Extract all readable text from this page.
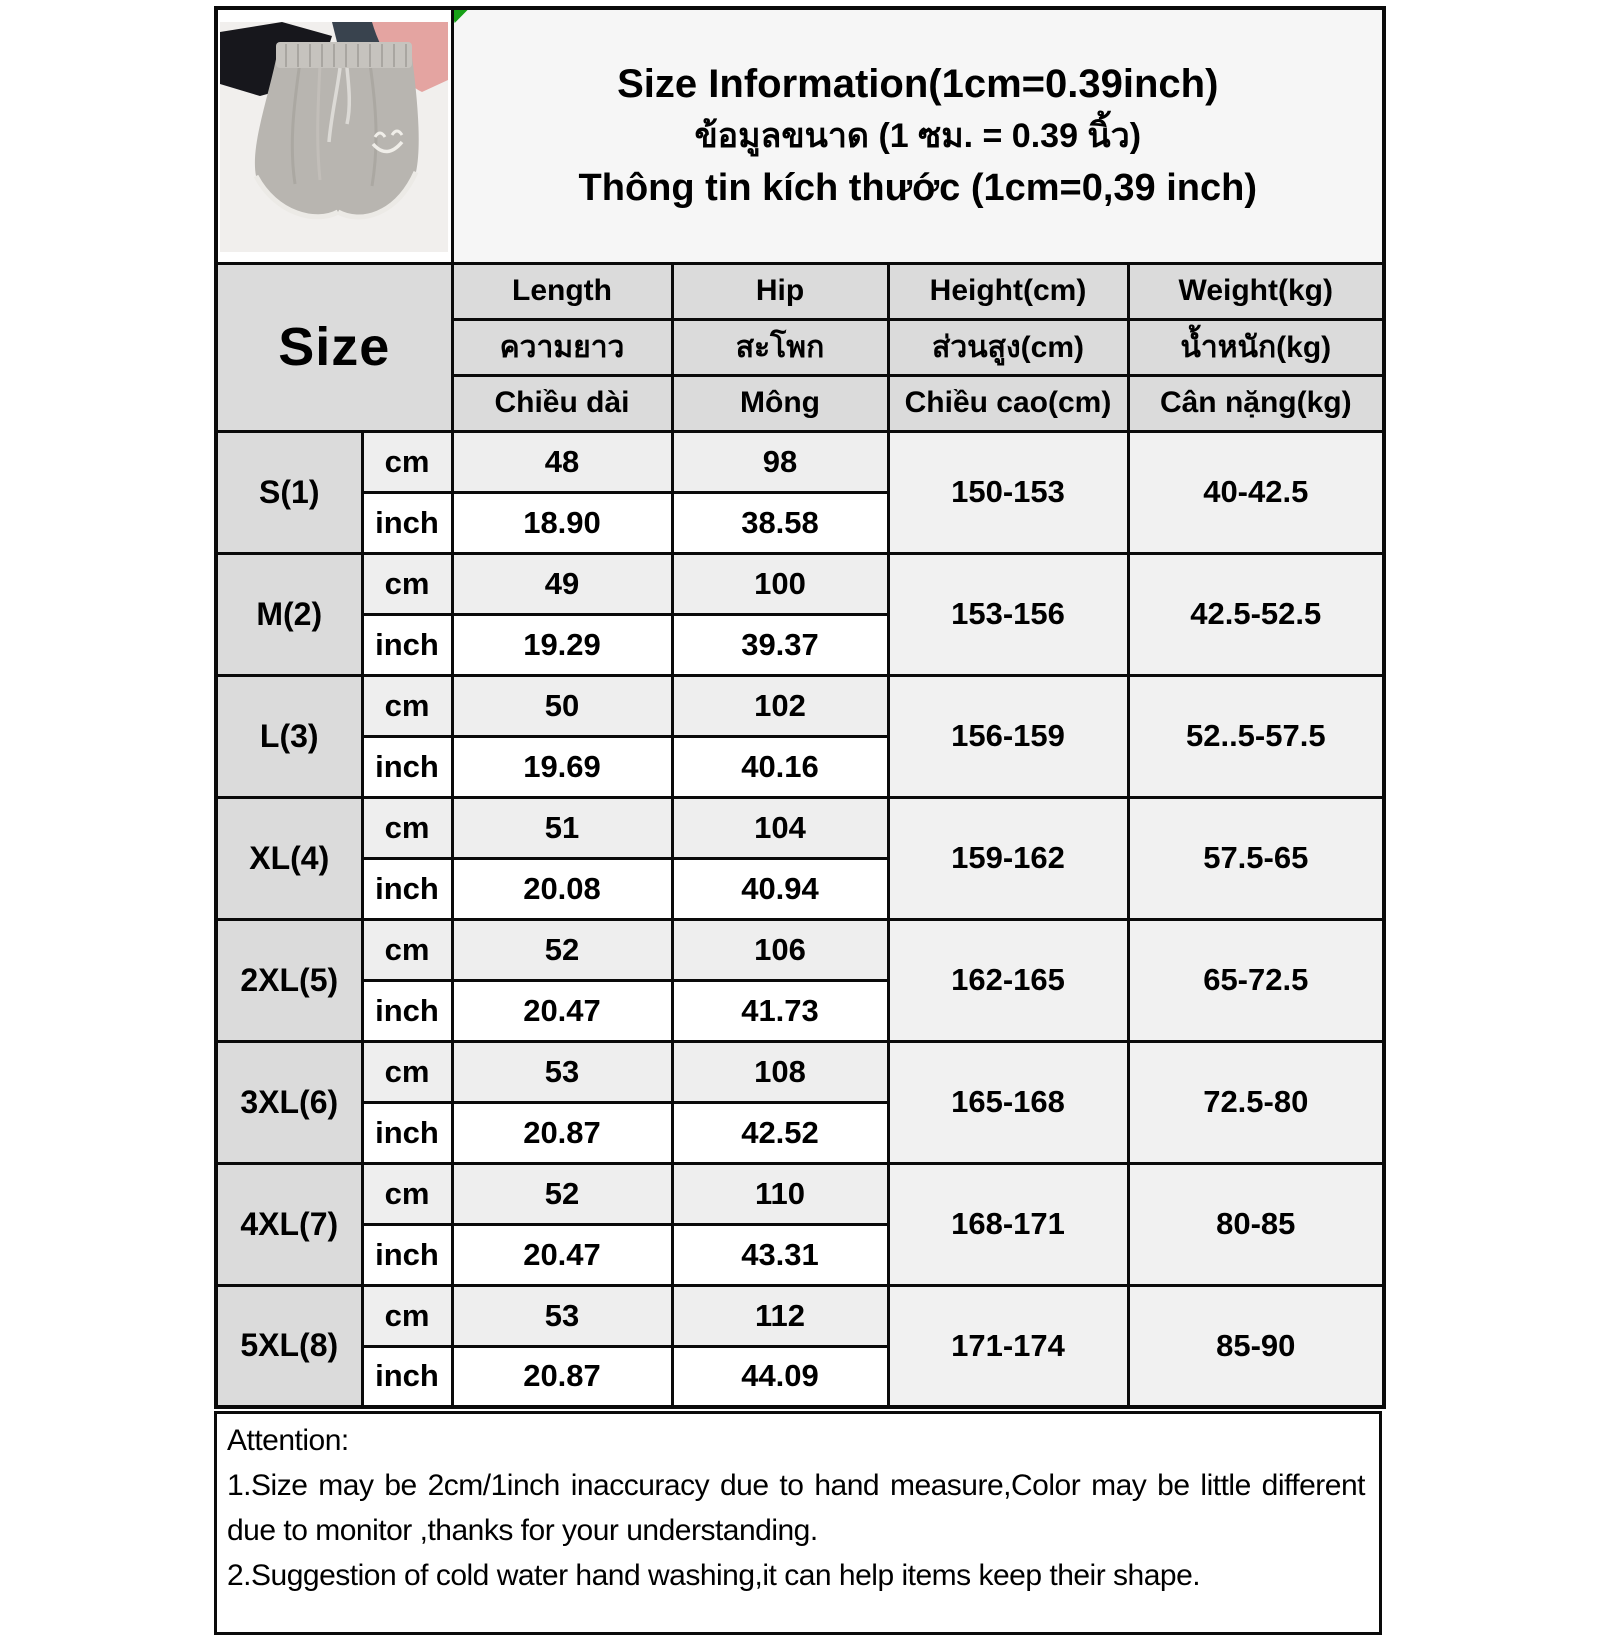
Size Information(1cm=0.39inch)
ข้อมูลขนาด (1 ซม. = 0.39 นิ้ว)
Thông tin kích thước (1cm=0,39 inch)			

Size		Length	Hip	Height(cm)	Weight(kg)
		ความยาว	สะโพก	ส่วนสูง(cm)	น้ำหนัก(kg)
		Chiều dài	Mông	Chiều cao(cm)	Cân nặng(kg)
S(1)	cm	48	98	150-153	40-42.5
	inch	18.90	38.58		
M(2)	cm	49	100	153-156	42.5-52.5
	inch	19.29	39.37		
L(3)	cm	50	102	156-159	52..5-57.5
	inch	19.69	40.16		
XL(4)	cm	51	104	159-162	57.5-65
	inch	20.08	40.94		
2XL(5)	cm	52	106	162-165	65-72.5
	inch	20.47	41.73		
3XL(6)	cm	53	108	165-168	72.5-80
	inch	20.87	42.52		
4XL(7)	cm	52	110	168-171	80-85
	inch	20.47	43.31		
5XL(8)	cm	53	112	171-174	85-90
	inch	20.87	44.09		
Attention:
1.Size may be 2cm/1inch inaccuracy due to hand measure,Color may be little different due to monitor ,thanks for your understanding.
2.Suggestion of cold water hand washing,it can help items keep their shape.
